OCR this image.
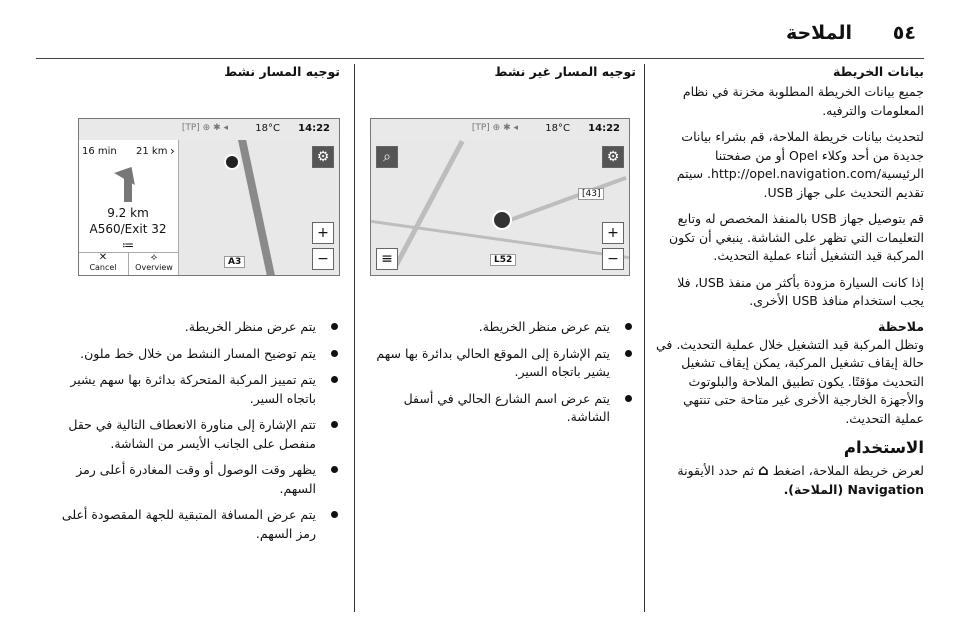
٥٤
الملاحة
بيانات الخريطة
جميع بيانات الخريطة المطلوبة مخزنة في نظام المعلومات والترفيه.
لتحديث بيانات خريطة الملاحة، قم بشراء بيانات جديدة من أحد وكلاء Opel أو من صفحتنا الرئيسية/http://opel.navigation.com. سيتم تقديم التحديث على جهاز USB.
قم بتوصيل جهاز USB بالمنفذ المخصص له وتابع التعليمات التي تظهر على الشاشة. ينبغي أن تكون المركبة قيد التشغيل أثناء عملية التحديث.
إذا كانت السيارة مزودة بأكثر من منفذ USB، فلا يجب استخدام منافذ USB الأخرى.
ملاحظة
وتظل المركبة قيد التشغيل خلال عملية التحديث. في حالة إيقاف تشغيل المركبة، يمكن إيقاف تشغيل التحديث مؤقتًا. يكون تطبيق الملاحة والبلوتوث والأجهزة الخارجية الأخرى غير متاحة حتى تنتهي عملية التحديث.
الاستخدام
لعرض خريطة الملاحة، اضغط ⌂ ثم حدد الأيقونة Navigation (الملاحة).
توجيه المسار غير نشط
14:22
18°C
[TP] ⊕ ✱ ◂
⚙
⌕
+
−
≡
[43]
L52
يتم عرض منظر الخريطة.
يتم الإشارة إلى الموقع الحالي بدائرة بها سهم يشير باتجاه السير.
يتم عرض اسم الشارع الحالي في أسفل الشاشة.
توجيه المسار نشط
14:22
18°C
[TP] ⊕ ✱ ◂
16 min 21 km ›
9.2 km
A560/Exit 32
≔
✕
Cancel
⟡
Overview
⚙
+
−
A3
يتم عرض منظر الخريطة.
يتم توضيح المسار النشط من خلال خط ملون.
يتم تمييز المركبة المتحركة بدائرة بها سهم يشير باتجاه السير.
تتم الإشارة إلى مناورة الانعطاف التالية في حقل منفصل على الجانب الأيسر من الشاشة.
يظهر وقت الوصول أو وقت المغادرة أعلى رمز السهم.
يتم عرض المسافة المتبقية للجهة المقصودة أعلى رمز السهم.
